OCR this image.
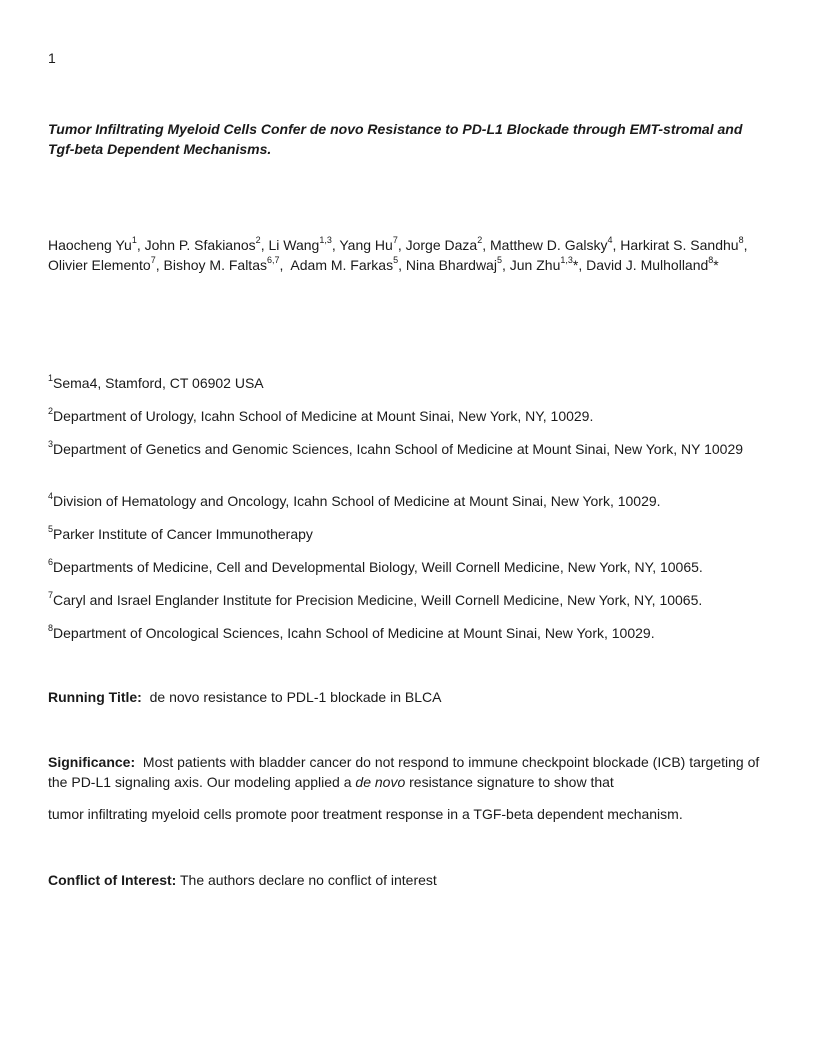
1

Tumor Infiltrating Myeloid Cells Confer de novo Resistance to PD-L1 Blockade through EMT-stromal and Tgf-beta Dependent Mechanisms.

Haocheng Yu$^1$, John P. Sfakianos$^2$, Li Wang$^{1,3}$, Yang Hu$^7$, Jorge Daza$^2$, Matthew D. Galsky$^4$, Harkirat S. Sandhu$^8$, Olivier Elemento$^7$, Bishoy M. Faltas$^{6,7}$,  Adam M. Farkas$^5$, Nina Bhardwaj$^5$, Jun Zhu$^{1,3}$*, David J. Mulholland$^8$*

$^1$Sema4, Stamford, CT 06902 USA

$^2$Department of Urology, Icahn School of Medicine at Mount Sinai, New York, NY, 10029.

$^3$Department of Genetics and Genomic Sciences, Icahn School of Medicine at Mount Sinai, New York, NY 10029

$^4$Division of Hematology and Oncology, Icahn School of Medicine at Mount Sinai, New York, 10029.

$^5$Parker Institute of Cancer Immunotherapy

$^6$Departments of Medicine, Cell and Developmental Biology, Weill Cornell Medicine, New York, NY, 10065.

$^7$Caryl and Israel Englander Institute for Precision Medicine, Weill Cornell Medicine, New York, NY, 10065.

$^8$Department of Oncological Sciences, Icahn School of Medicine at Mount Sinai, New York, 10029.

Running Title: de novo resistance to PDL-1 blockade in BLCA

Significance: Most patients with bladder cancer do not respond to immune checkpoint blockade (ICB) targeting of the PD-L1 signaling axis. Our modeling applied a de novo resistance signature to show that

tumor infiltrating myeloid cells promote poor treatment response in a TGF-beta dependent mechanism.

Conflict of Interest: The authors declare no conflict of interest
